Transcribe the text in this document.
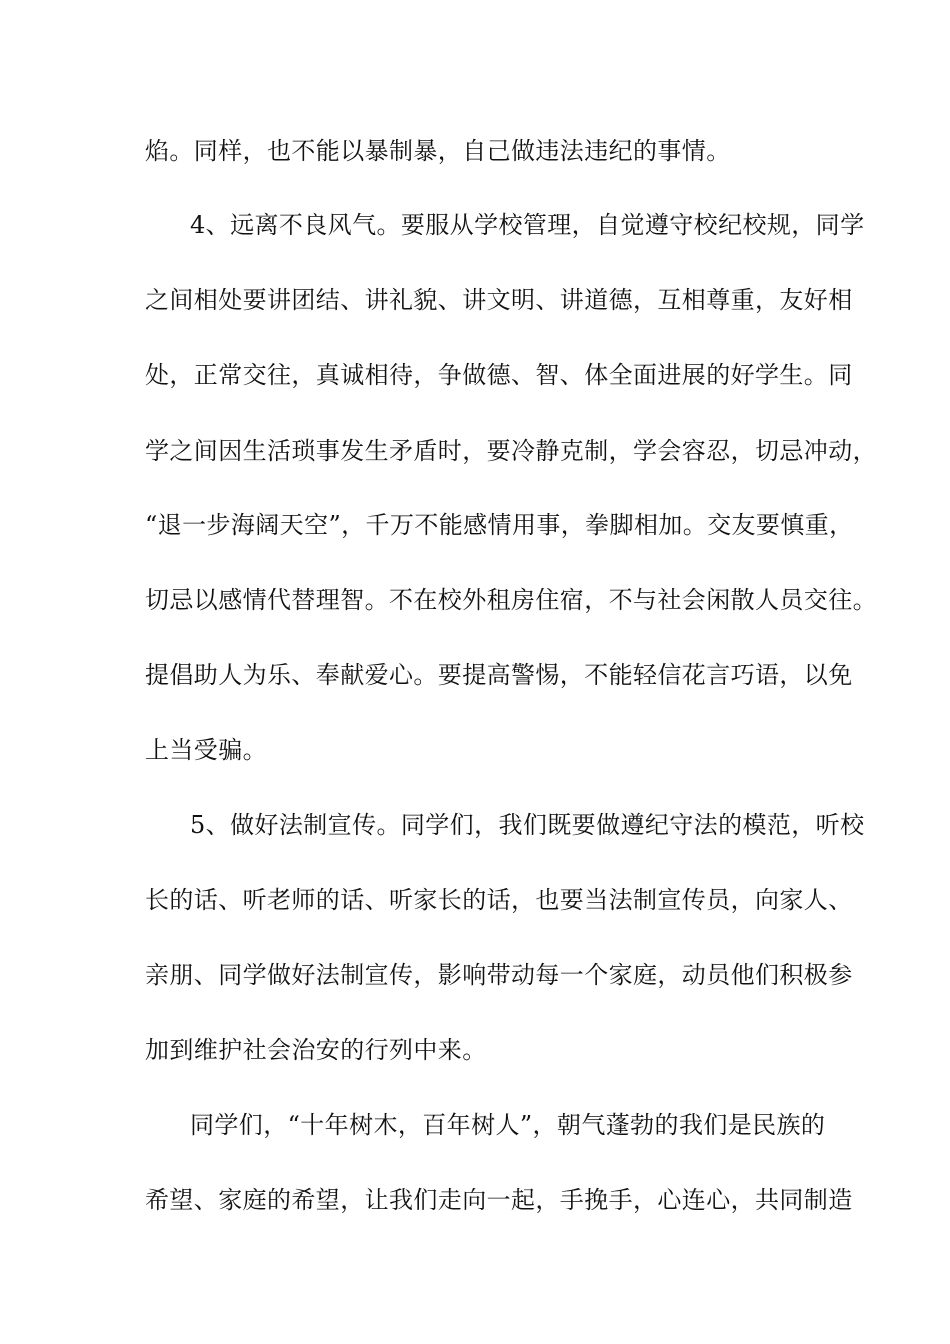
焰。同样，也不能以暴制暴，自己做违法违纪的事情。
4、远离不良风气。要服从学校管理，自觉遵守校纪校规，同学
之间相处要讲团结、讲礼貌、讲文明、讲道德，互相尊重，友好相
处，正常交往，真诚相待，争做德、智、体全面进展的好学生。同
学之间因生活琐事发生矛盾时，要冷静克制，学会容忍，切忌冲动，
“退一步海阔天空”，千万不能感情用事，拳脚相加。交友要慎重，
切忌以感情代替理智。不在校外租房住宿，不与社会闲散人员交往。
提倡助人为乐、奉献爱心。要提高警惕，不能轻信花言巧语，以免
上当受骗。
5、做好法制宣传。同学们，我们既要做遵纪守法的模范，听校
长的话、听老师的话、听家长的话，也要当法制宣传员，向家人、
亲朋、同学做好法制宣传，影响带动每一个家庭，动员他们积极参
加到维护社会治安的行列中来。
同学们，“十年树木，百年树人”，朝气蓬勃的我们是民族的
希望、家庭的希望，让我们走向一起，手挽手，心连心，共同制造
